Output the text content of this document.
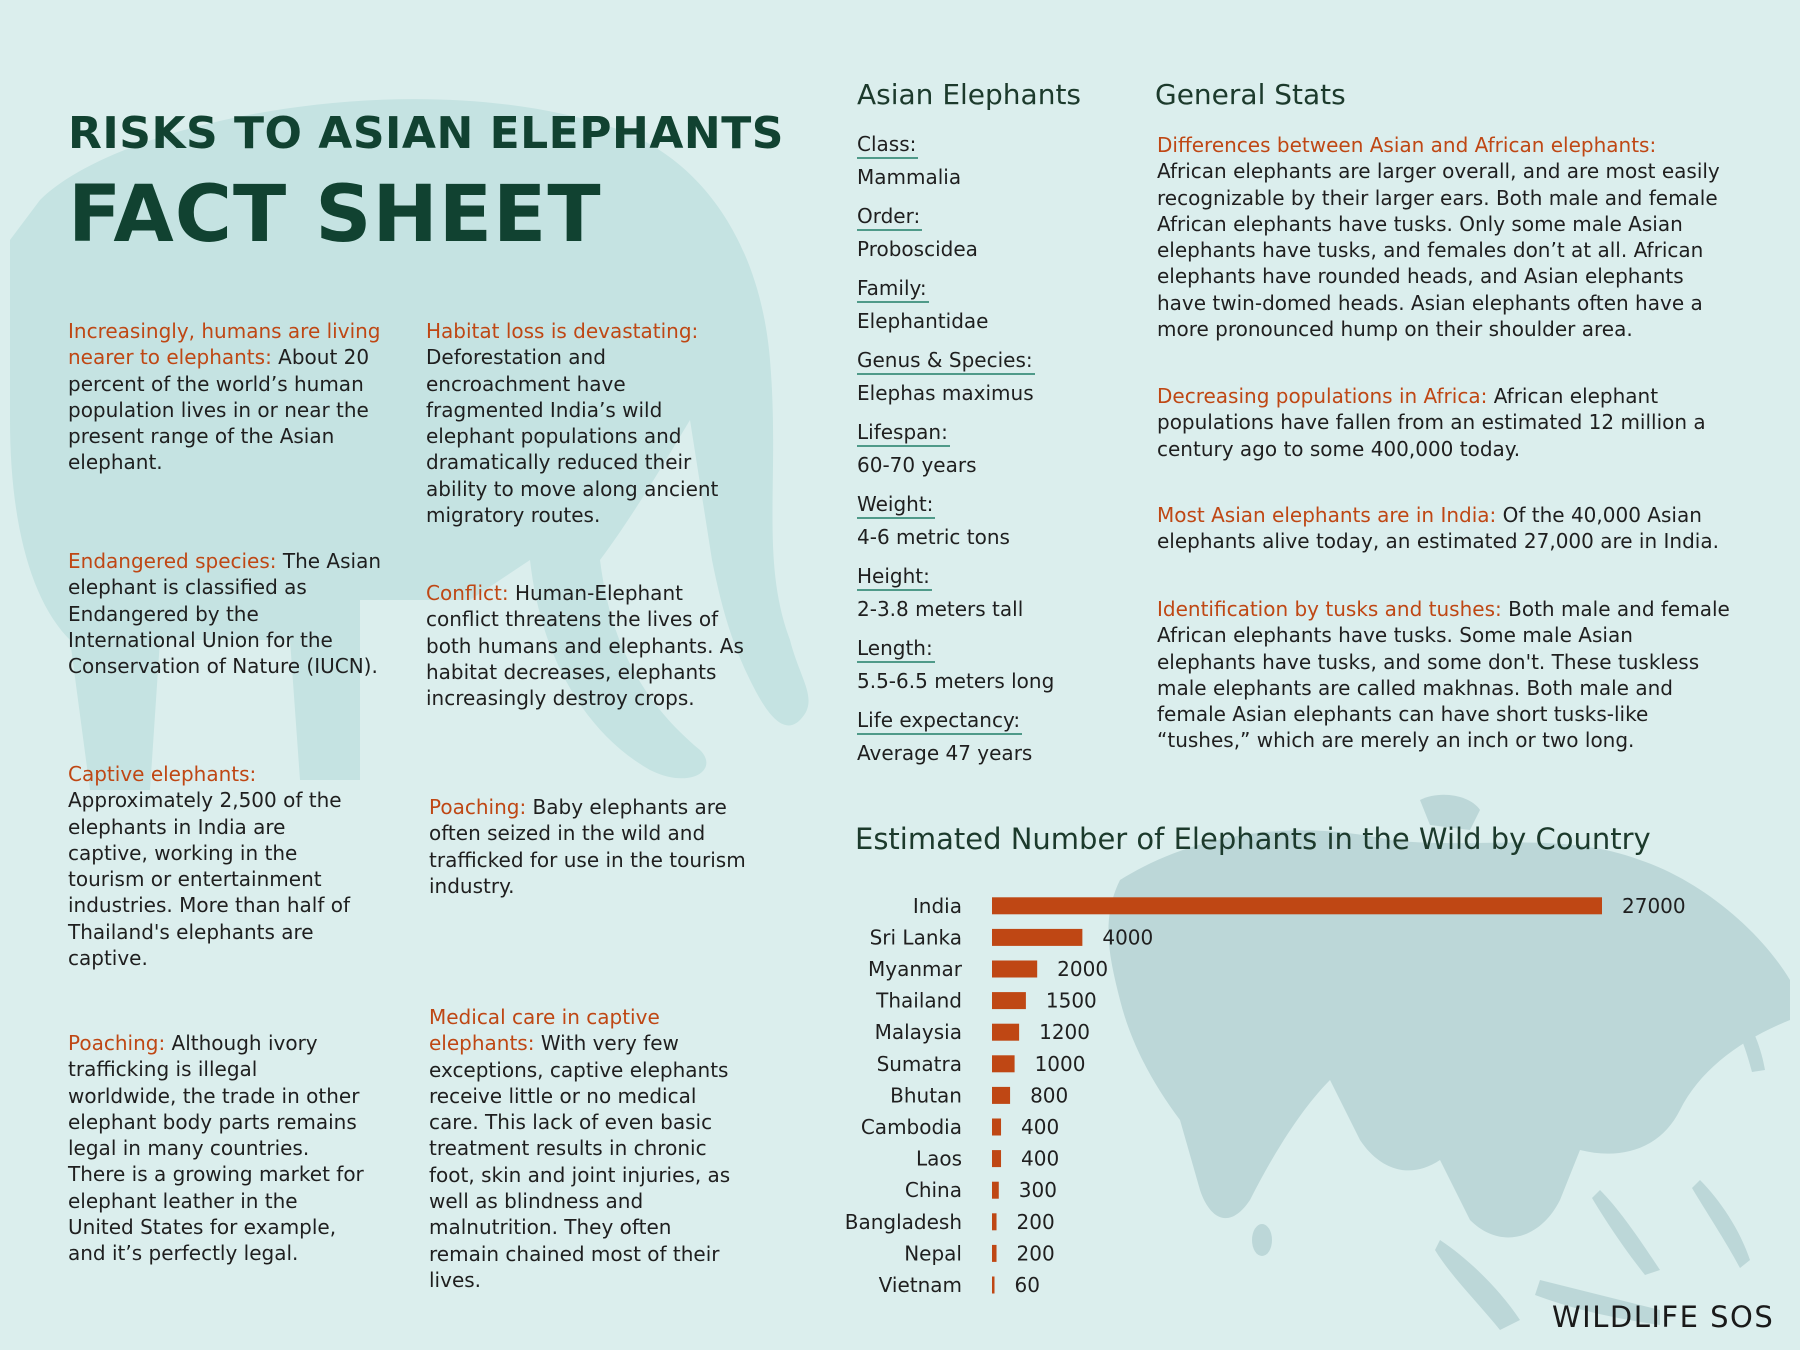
RISKS TO ASIAN ELEPHANTS
FACT SHEET
Increasingly, humans are living nearer to elephants: About 20 percent of the world’s human population lives in or near the present range of the Asian elephant.
Endangered species: The Asian elephant is classified as Endangered by the International Union for the Conservation of Nature (IUCN).
Captive elephants: Approximately 2,500 of the elephants in India are captive, working in the tourism or entertainment industries. More than half of Thailand's elephants are captive.
Poaching: Although ivory trafficking is illegal worldwide, the trade in other elephant body parts remains legal in many countries. There is a growing market for elephant leather in the United States for example, and it’s perfectly legal.
Habitat loss is devastating: Deforestation and encroachment have fragmented India’s wild elephant populations and dramatically reduced their ability to move along ancient migratory routes.
Conflict: Human-Elephant conflict threatens the lives of both humans and elephants. As habitat decreases, elephants increasingly destroy crops.
Poaching: Baby elephants are often seized in the wild and trafficked for use in the tourism industry.
Medical care in captive elephants: With very few exceptions, captive elephants receive little or no medical care. This lack of even basic treatment results in chronic foot, skin and joint injuries, as well as blindness and malnutrition. They often remain chained most of their lives.
Asian Elephants
Class:
Mammalia
Order:
Proboscidea
Family:
Elephantidae
Genus & Species:
Elephas maximus
Lifespan:
60-70 years
Weight:
4-6 metric tons
Height:
2-3.8 meters tall
Length:
5.5-6.5 meters long
Life expectancy:
Average 47 years
General Stats
Differences between Asian and African elephants:
African elephants are larger overall, and are most easily recognizable by their larger ears. Both male and female African elephants have tusks. Only some male Asian elephants have tusks, and females don’t at all. African elephants have rounded heads, and Asian elephants have twin-domed heads. Asian elephants often have a more pronounced hump on their shoulder area.
Decreasing populations in Africa: African elephant populations have fallen from an estimated 12 million a century ago to some 400,000 today.
Most Asian elephants are in India: Of the 40,000 Asian elephants alive today, an estimated 27,000 are in India.
Identification by tusks and tushes: Both male and female African elephants have tusks. Some male Asian elephants have tusks, and some don't. These tuskless male elephants are called makhnas. Both male and female Asian elephants can have short tusks-like “tushes,” which are merely an inch or two long.
Estimated Number of Elephants in the Wild by Country
India	27000
Sri Lanka	4000
Myanmar	2000
Thailand	1500
Malaysia	1200
Sumatra	1000
Bhutan	800
Cambodia	400
Laos	400
China	300
Bangladesh	200
Nepal	200
Vietnam	60
WILDLIFE SOS
